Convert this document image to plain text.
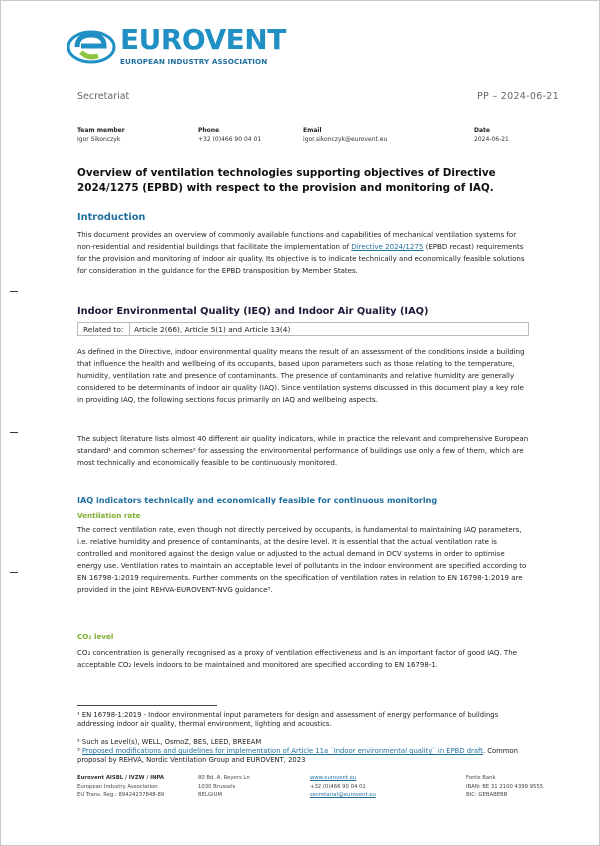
EUROVENT
EUROPEAN INDUSTRY ASSOCIATION
Secretariat	PP – 2024-06-21
Team member
Igor Sikonczyk
Phone
+32 (0)466 90 04 01
Email
igor.sikonczyk@eurovent.eu
Date
2024-06-21
Overview of ventilation technologies supporting objectives of Directive 2024/1275 (EPBD) with respect to the provision and monitoring of IAQ.
Introduction
This document provides an overview of commonly available functions and capabilities of mechanical ventilation systems for non-residential and residential buildings that facilitate the implementation of Directive 2024/1275 (EPBD recast) requirements for the provision and monitoring of indoor air quality. Its objective is to indicate technically and economically feasible solutions for consideration in the guidance for the EPBD transposition by Member States.
Indoor Environmental Quality (IEQ) and Indoor Air Quality (IAQ)
Related to: Article 2(66), Article 5(1) and Article 13(4)
As defined in the Directive, indoor environmental quality means the result of an assessment of the conditions inside a building that influence the health and wellbeing of its occupants, based upon parameters such as those relating to the temperature, humidity, ventilation rate and presence of contaminants. The presence of contaminants and relative humidity are generally considered to be determinants of indoor air quality (IAQ). Since ventilation systems discussed in this document play a key role in providing IAQ, the following sections focus primarily on IAQ and wellbeing aspects.
The subject literature lists almost 40 different air quality indicators, while in practice the relevant and comprehensive European standard¹ and common schemes² for assessing the environmental performance of buildings use only a few of them, which are most technically and economically feasible to be continuously monitored.
IAQ indicators technically and economically feasible for continuous monitoring
Ventilation rate
The correct ventilation rate, even though not directly perceived by occupants, is fundamental to maintaining IAQ parameters, i.e. relative humidity and presence of contaminants, at the desire level. It is essential that the actual ventilation rate is controlled and monitored against the design value or adjusted to the actual demand in DCV systems in order to optimise energy use. Ventilation rates to maintain an acceptable level of pollutants in the indoor environment are specified according to EN 16798-1:2019 requirements. Further comments on the specification of ventilation rates in relation to EN 16798-1:2019 are provided in the joint REHVA-EUROVENT-NVG guidance³.
CO₂ level
CO₂ concentration is generally recognised as a proxy of ventilation effectiveness and is an important factor of good IAQ. The acceptable CO₂ levels indoors to be maintained and monitored are specified according to EN 16798-1.
¹ EN 16798-1:2019 - Indoor environmental input parameters for design and assessment of energy performance of buildings addressing indoor air quality, thermal environment, lighting and acoustics.
² Such as Level(s), WELL, OsmoZ, BES, LEED, BREEAM
³ Proposed modifications and guidelines for implementation of Article 11a `Indoor environmental quality` in EPBD draft. Common proposal by REHVA, Nordic Ventilation Group and EUROVENT, 2023
Eurovent AISBL / IVZW / INPA
European Industry Association
EU Trans. Reg.: 89424237848-89
80 Bd. A. Reyers Ln
1030 Brussels
BELGIUM
www.eurovent.eu
+32 (0)466 90 04 01
secretariat@eurovent.eu
Fortis Bank
IBAN: BE 31 2100 4399 9555
BIC: GEBABEBB
